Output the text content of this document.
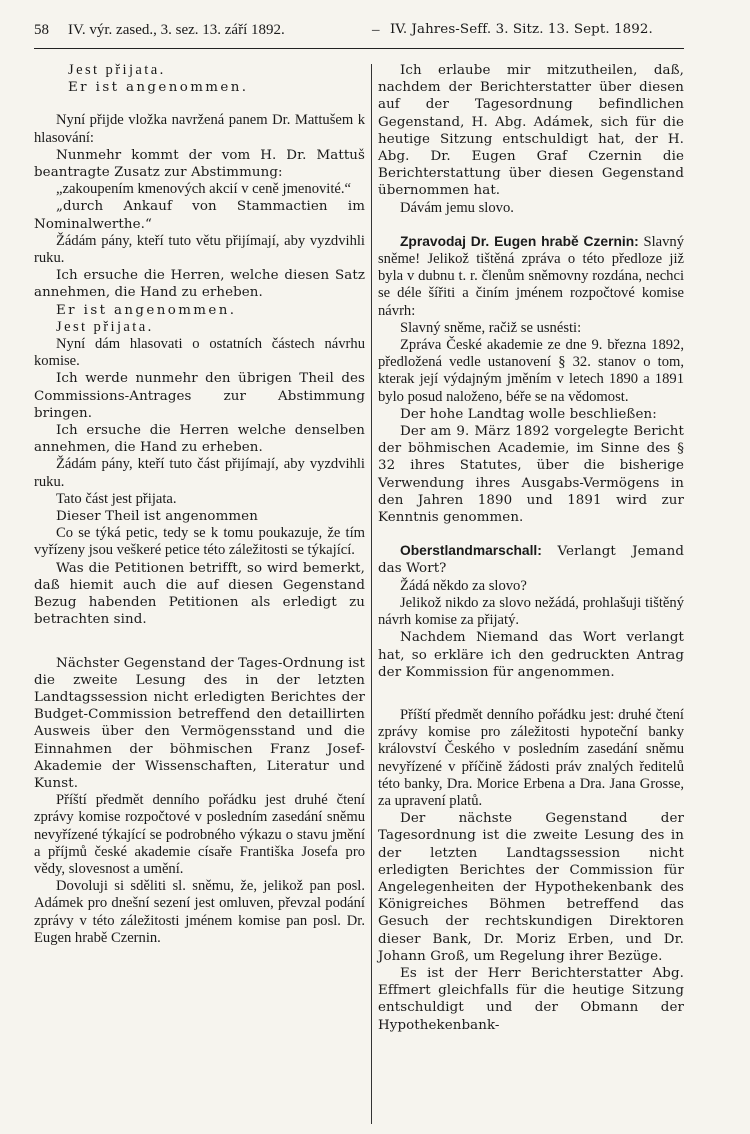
58 IV. výr. zased., 3. sez. 13. září 1892.	– IV. Jahres-Seff. 3. Sitz. 13. Sept. 1892.

Jest přijata.

Er ist angenommen.

Nyní přijde vložka navržená panem Dr. Mattušem k hlasování:

Nunmehr kommt der vom H. Dr. Mattuš beantragte Zusatz zur Abstimmung:

„zakoupením kmenových akcií v ceně jmenovité.“

„durch Ankauf von Stammactien im Nominalwerthe.“

Žádám pány, kteří tuto větu přijímají, aby vyzdvihli ruku.

Ich ersuche die Herren, welche diesen Satz annehmen, die Hand zu erheben.

Er ist angenommen.

Jest přijata.

Nyní dám hlasovati o ostatních částech návrhu komise.

Ich werde nunmehr den übrigen Theil des Commissions-Antrages zur Abstimmung bringen.

Ich ersuche die Herren welche denselben annehmen, die Hand zu erheben.

Žádám pány, kteří tuto část přijímají, aby vyzdvihli ruku.

Tato část jest přijata.

Dieser Theil ist angenommen

Co se týká petic, tedy se k tomu poukazuje, že tím vyřízeny jsou veškeré petice této záležitosti se týkající.

Was die Petitionen betrifft, so wird bemerkt, daß hiemit auch die auf diesen Gegenstand Bezug habenden Petitionen als erledigt zu betrachten sind.

Nächster Gegenstand der Tages-Ordnung ist die zweite Lesung des in der letzten Landtagssession nicht erledigten Berichtes der Budget-Commission betreffend den detaillirten Ausweis über den Vermögensstand und die Einnahmen der böhmischen Franz Josef-Akademie der Wissenschaften, Literatur und Kunst.

Příští předmět denního pořádku jest druhé čtení zprávy komise rozpočtové v posledním zasedání sněmu nevyřízené týkající se podrobného výkazu o stavu jmění a příjmů české akademie císaře Františka Josefa pro vědy, slovesnost a umění.

Dovoluji si sděliti sl. sněmu, že, jelikož pan posl. Adámek pro dnešní sezení jest omluven, převzal podání zprávy v této záležitosti jménem komise pan posl. Dr. Eugen hrabě Czernin.

Ich erlaube mir mitzutheilen, daß, nachdem der Berichterstatter über diesen auf der Tagesordnung befindlichen Gegenstand, H. Abg. Adámek, sich für die heutige Sitzung entschuldigt hat, der H. Abg. Dr. Eugen Graf Czernin die Berichterstattung über diesen Gegenstand übernommen hat.

Dávám jemu slovo.

Zpravodaj Dr. Eugen hrabě Czernin: Slavný sněme! Jelikož tištěná zpráva o této předloze již byla v dubnu t. r. členům sněmovny rozdána, nechci se déle šířiti a činím jménem rozpočtové komise návrh:

Slavný sněme, račiž se usnésti:

Zpráva České akademie ze dne 9. března 1892, předložená vedle ustanovení § 32. stanov o tom, kterak její výdajným jměním v letech 1890 a 1891 bylo posud naloženo, béře se na vědomost.

Der hohe Landtag wolle beschließen:

Der am 9. März 1892 vorgelegte Bericht der böhmischen Academie, im Sinne des § 32 ihres Statutes, über die bisherige Verwendung ihres Ausgabs-Vermögens in den Jahren 1890 und 1891 wird zur Kenntnis genommen.

Oberstlandmarschall: Verlangt Jemand das Wort?

Žádá někdo za slovo?

Jelikož nikdo za slovo nežádá, prohlašuji tištěný návrh komise za přijatý.

Nachdem Niemand das Wort verlangt hat, so erkläre ich den gedruckten Antrag der Kommission für angenommen.

Příští předmět denního pořádku jest: druhé čtení zprávy komise pro záležitosti hypoteční banky království Českého v posledním zasedání sněmu nevyřízené v příčině žádosti práv znalých ředitelů této banky, Dra. Morice Erbena a Dra. Jana Grosse, za upravení platů.

Der nächste Gegenstand der Tagesordnung ist die zweite Lesung des in der letzten Landtagssession nicht erledigten Berichtes der Commission für Angelegenheiten der Hypothekenbank des Königreiches Böhmen betreffend das Gesuch der rechtskundigen Direktoren dieser Bank, Dr. Moriz Erben, und Dr. Johann Groß, um Regelung ihrer Bezüge.

Es ist der Herr Berichterstatter Abg. Effmert gleichfalls für die heutige Sitzung entschuldigt und der Obmann der Hypothekenbank-
